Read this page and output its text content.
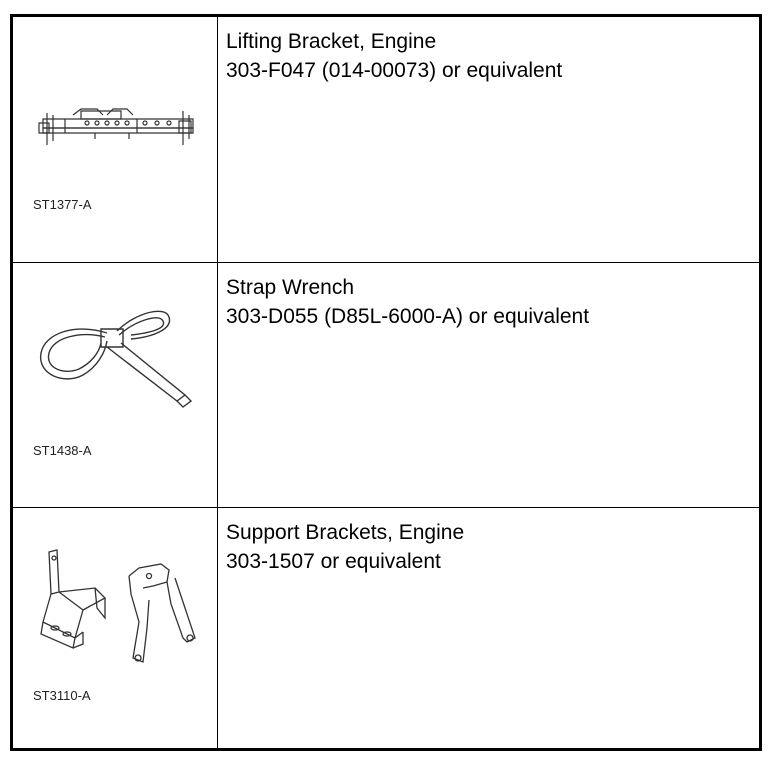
ST1377-A
Lifting Bracket, Engine
303-F047 (014-00073) or equivalent
ST1438-A
Strap Wrench
303-D055 (D85L-6000-A) or equivalent
ST3110-A
Support Brackets, Engine
303-1507 or equivalent
